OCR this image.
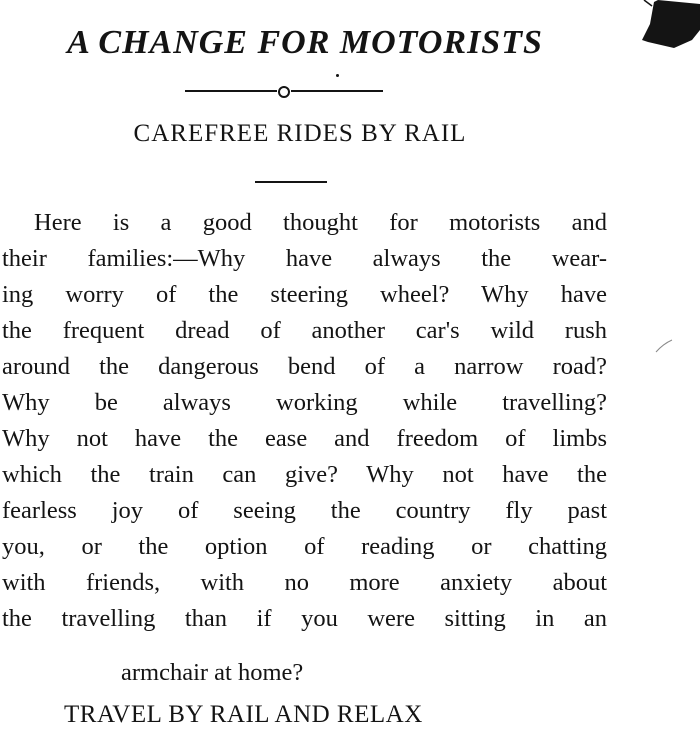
A CHANGE FOR MOTORISTS
CAREFREE RIDES BY RAIL
Here is a good thought for motorists and
their families:—Why have always the wear-
ing worry of the steering wheel? Why have
the frequent dread of another car's wild rush
around the dangerous bend of a narrow road?
Why be always working while travelling?
Why not have the ease and freedom of limbs
which the train can give? Why not have the
fearless joy of seeing the country fly past
you, or the option of reading or chatting
with friends, with no more anxiety about
the travelling than if you were sitting in an
armchair at home?
TRAVEL BY RAIL AND RELAX
